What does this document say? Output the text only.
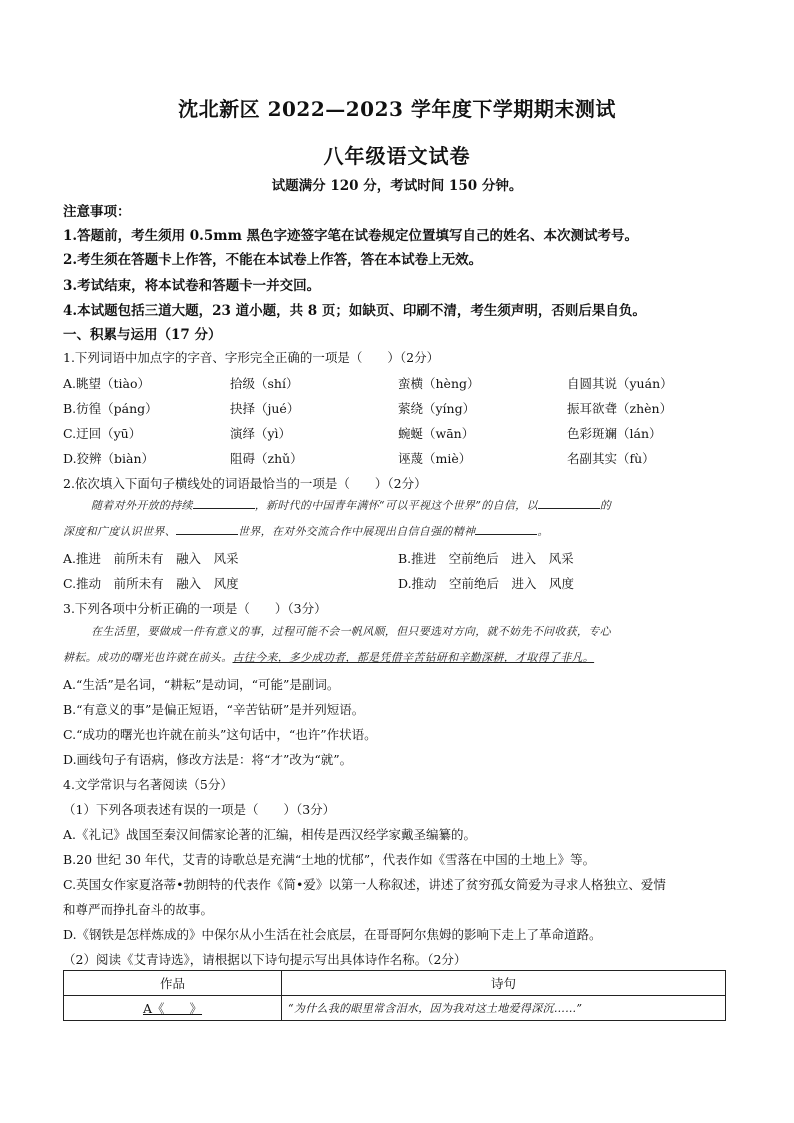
沈北新区 2022—2023 学年度下学期期末测试
八年级语文试卷
试题满分 120 分，考试时间 150 分钟。
注意事项：
1.答题前，考生须用 0.5mm 黑色字迹签字笔在试卷规定位置填写自己的姓名、本次测试考号。
2.考生须在答题卡上作答，不能在本试卷上作答，答在本试卷上无效。
3.考试结束，将本试卷和答题卡一并交回。
4.本试题包括三道大题，23 道小题，共 8 页；如缺页、印刷不清，考生须声明，否则后果自负。
一、积累与运用（17 分）
1.下列词语中加点字的字音、字形完全正确的一项是（　　）（2分）
A.眺望（tiào）	拾级（shí）	蛮横（hèng）	自圆其说（yuán）
B.彷徨（páng）	抉择（jué）	萦绕（yíng）	振耳欲聋（zhèn）
C.迂回（yū）	演绎（yì）	蜿蜒（wān）	色彩斑斓（lán）
D.狡辨（biàn）	阻碍（zhǔ）	诬蔑（miè）	名副其实（fù）
2.依次填入下面句子横线处的词语最恰当的一项是（　　）（2分）
随着对外开放的持续	，新时代的中国青年满怀“可以平视这个世界”的自信，以	的
深度和广度认识世界、	世界，在对外交流合作中展现出自信自强的精神	。
A.推进　前所未有　融入　风采	B.推进　空前绝后　进入　风采
C.推动　前所未有　融入　风度	D.推动　空前绝后　进入　风度
3.下列各项中分析正确的一项是（　　）（3分）
在生活里，要做成一件有意义的事，过程可能不会一帆风顺，但只要选对方向，就不妨先不问收获，专心
耕耘。成功的曙光也许就在前头。古往今来，多少成功者，都是凭借辛苦钻研和辛勤深耕，才取得了非凡。
A.“生活”是名词，“耕耘”是动词，“可能”是副词。
B.“有意义的事”是偏正短语，“辛苦钻研”是并列短语。
C.“成功的曙光也许就在前头”这句话中，“也许”作状语。
D.画线句子有语病，修改方法是：将“才”改为“就”。
4.文学常识与名著阅读（5分）
（1）下列各项表述有误的一项是（　　）（3分）
A.《礼记》战国至秦汉间儒家论著的汇编，相传是西汉经学家戴圣编纂的。
B.20 世纪 30 年代，艾青的诗歌总是充满“土地的忧郁”，代表作如《雪落在中国的土地上》等。
C.英国女作家夏洛蒂•勃朗特的代表作《简•爱》以第一人称叙述，讲述了贫穷孤女简爱为寻求人格独立、爱情
和尊严而挣扎奋斗的故事。
D.《钢铁是怎样炼成的》中保尔从小生活在社会底层，在哥哥阿尔焦姆的影响下走上了革命道路。
（2）阅读《艾青诗选》，请根据以下诗句提示写出具体诗作名称。（2分）
作品	诗句
A《　　》	“为什么我的眼里常含泪水，因为我对这土地爱得深沉……”
